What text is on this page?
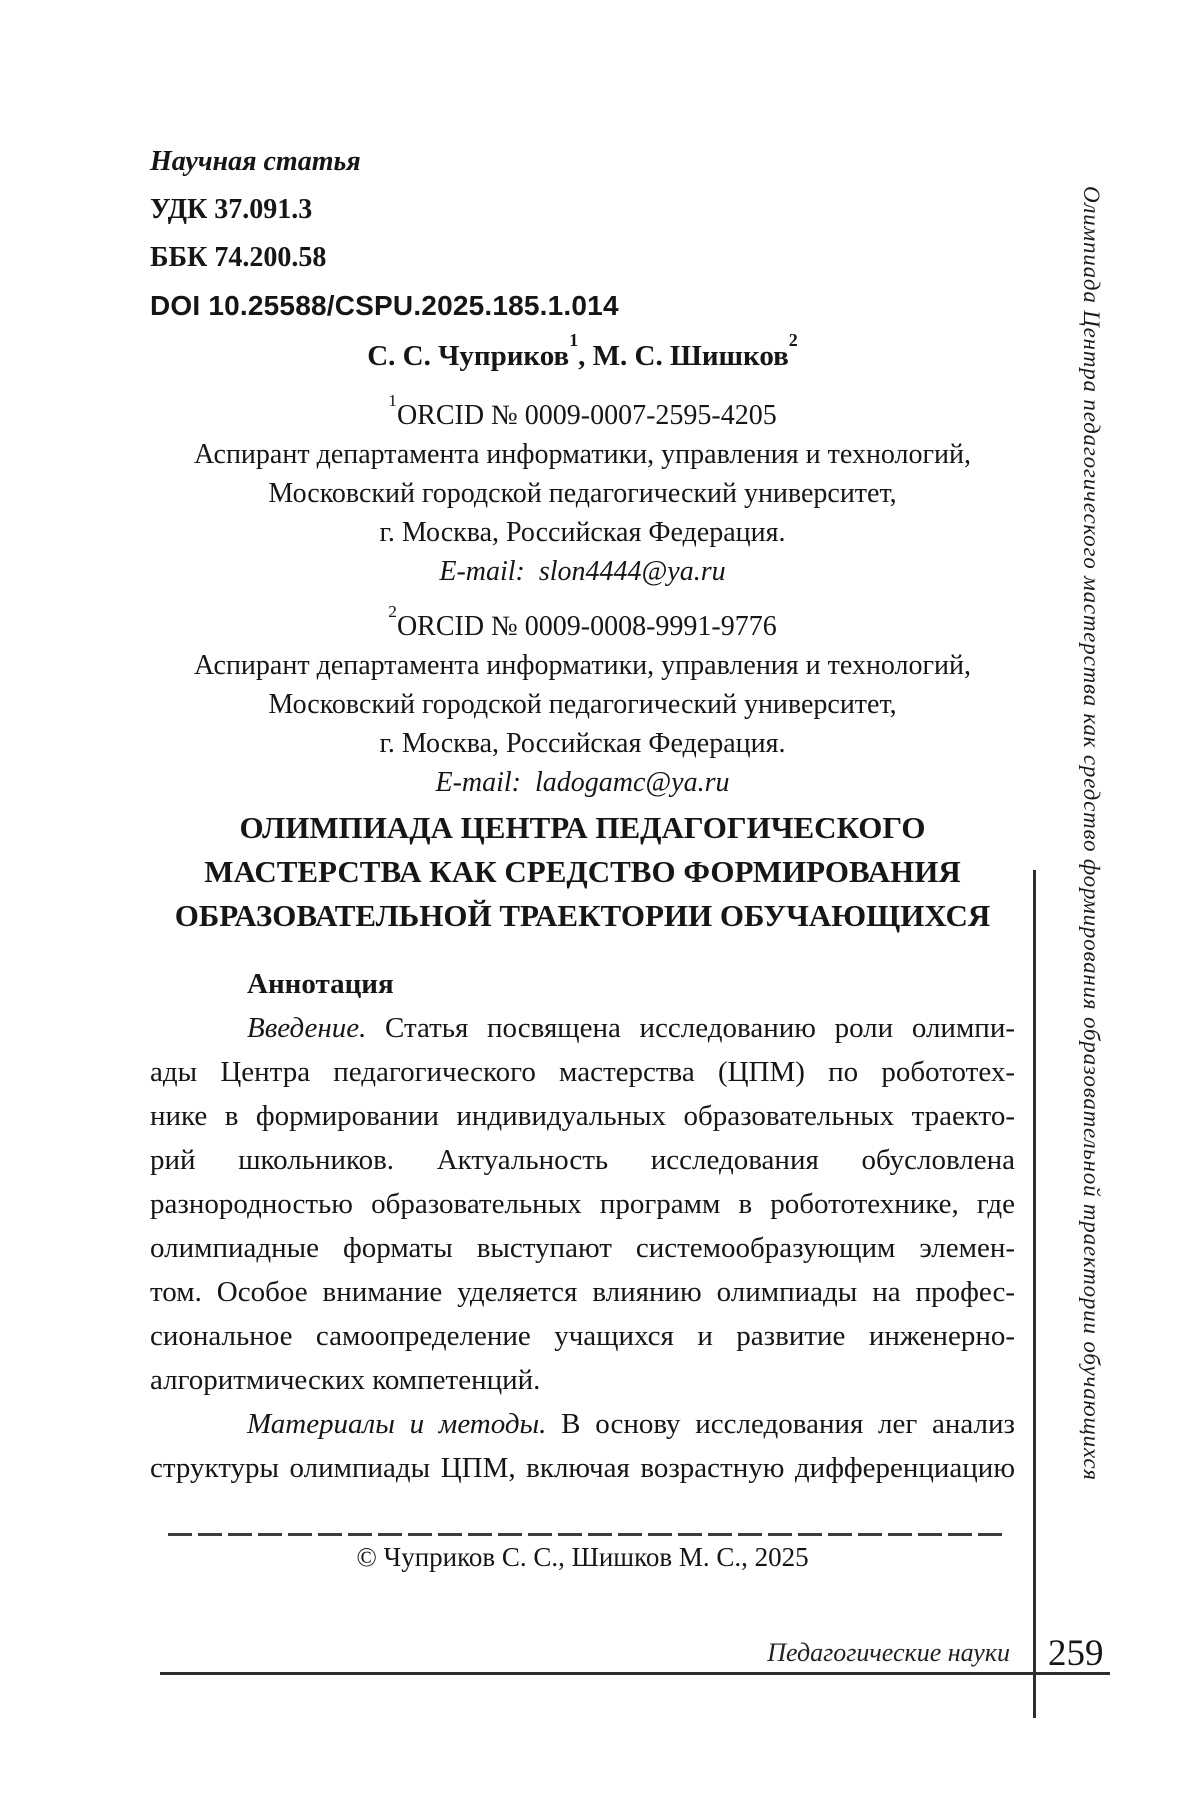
Научная статья
УДК 37.091.3
ББК 74.200.58
DOI 10.25588/CSPU.2025.185.1.014
С. С. Чуприков$^1$, М. С. Шишков$^2$
$^1$ORCID № 0009-0007-2595-4205
Аспирант департамента информатики, управления и технологий,
Московский городской педагогический университет,
г. Москва, Российская Федерация.
E-mail: slon4444@ya.ru
$^2$ORCID № 0009-0008-9991-9776
Аспирант департамента информатики, управления и технологий,
Московский городской педагогический университет,
г. Москва, Российская Федерация.
E-mail: ladogamc@ya.ru
ОЛИМПИАДА ЦЕНТРА ПЕДАГОГИЧЕСКОГО
МАСТЕРСТВА КАК СРЕДСТВО ФОРМИРОВАНИЯ
ОБРАЗОВАТЕЛЬНОЙ ТРАЕКТОРИИ ОБУЧАЮЩИХСЯ
Аннотация
Введение. Статья посвящена исследованию роли олимпи-
ады Центра педагогического мастерства (ЦПМ) по робототех-
нике в формировании индивидуальных образовательных траекто-
рий школьников. Актуальность исследования обусловлена
разнородностью образовательных программ в робототехнике, где
олимпиадные форматы выступают системообразующим элемен-
том. Особое внимание уделяется влиянию олимпиады на профес-
сиональное самоопределение учащихся и развитие инженерно-
алгоритмических компетенций.
Материалы и методы. В основу исследования лег анализ
структуры олимпиады ЦПМ, включая возрастную дифференциацию
© Чуприков С. С., Шишков М. С., 2025
Педагогические науки 259
Олимпиада Центра педагогического мастерства как средство формирования образовательной траектории обучающихся
